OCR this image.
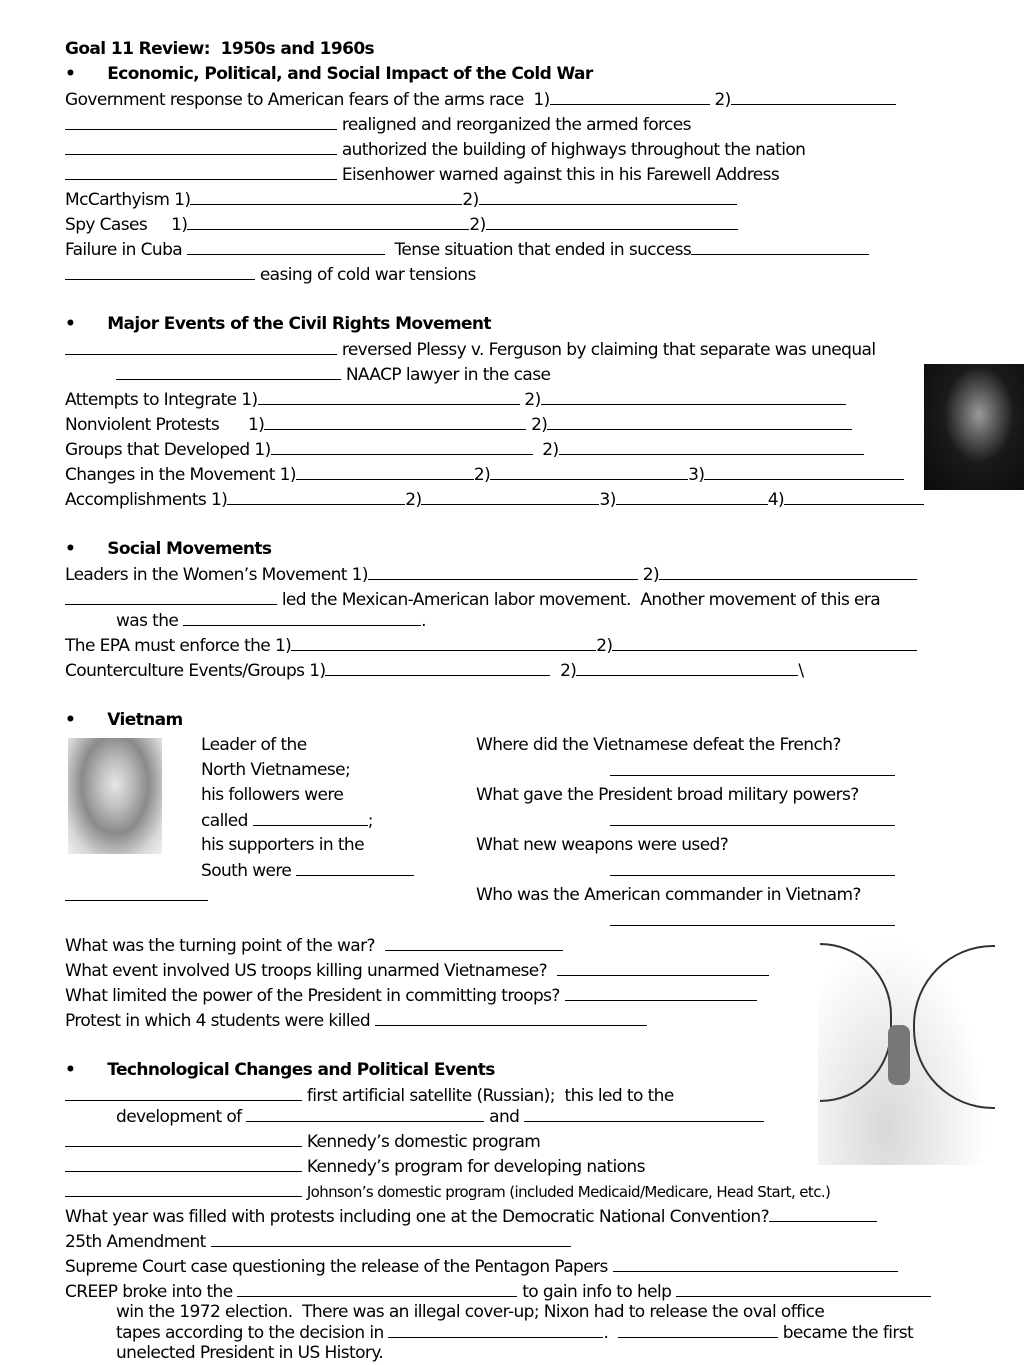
Goal 11 Review:  1950s and 1960s
• Economic, Political, and Social Impact of the Cold War
Government response to American fears of the arms race  1)	2)
realigned and reorganized the armed forces
authorized the building of highways throughout the nation
Eisenhower warned against this in his Farewell Address
McCarthyism 1)	2)
Spy Cases     1)	2)
Failure in Cuba	Tense situation that ended in success
easing of cold war tensions
• Major Events of the Civil Rights Movement
reversed Plessy v. Ferguson by claiming that separate was unequal
NAACP lawyer in the case
Attempts to Integrate 1)	2)
Nonviolent Protests      1)	2)
Groups that Developed 1)	2)
Changes in the Movement 1)	2)	3)
Accomplishments 1)	2)	3)	4)
• Social Movements
Leaders in the Women’s Movement 1)	2)
led the Mexican-American labor movement.  Another movement of this era
was the	.
The EPA must enforce the 1)	2)
Counterculture Events/Groups 1)	2)	\
• Vietnam
Leader of the
North Vietnamese;
his followers were
called	;
his supporters in the
South were
Where did the Vietnamese defeat the French?
What gave the President broad military powers?
What new weapons were used?
Who was the American commander in Vietnam?
What was the turning point of the war?
What event involved US troops killing unarmed Vietnamese?
What limited the power of the President in committing troops?
Protest in which 4 students were killed
• Technological Changes and Political Events
first artificial satellite (Russian);  this led to the
development of	and
Kennedy’s domestic program
Kennedy’s program for developing nations
Johnson’s domestic program (included Medicaid/Medicare, Head Start, etc.)
What year was filled with protests including one at the Democratic National Convention?
25th Amendment
Supreme Court case questioning the release of the Pentagon Papers
CREEP broke into the	to gain info to help
win the 1972 election.  There was an illegal cover-up; Nixon had to release the oval office
tapes according to the decision in	.	became the first
unelected President in US History.
